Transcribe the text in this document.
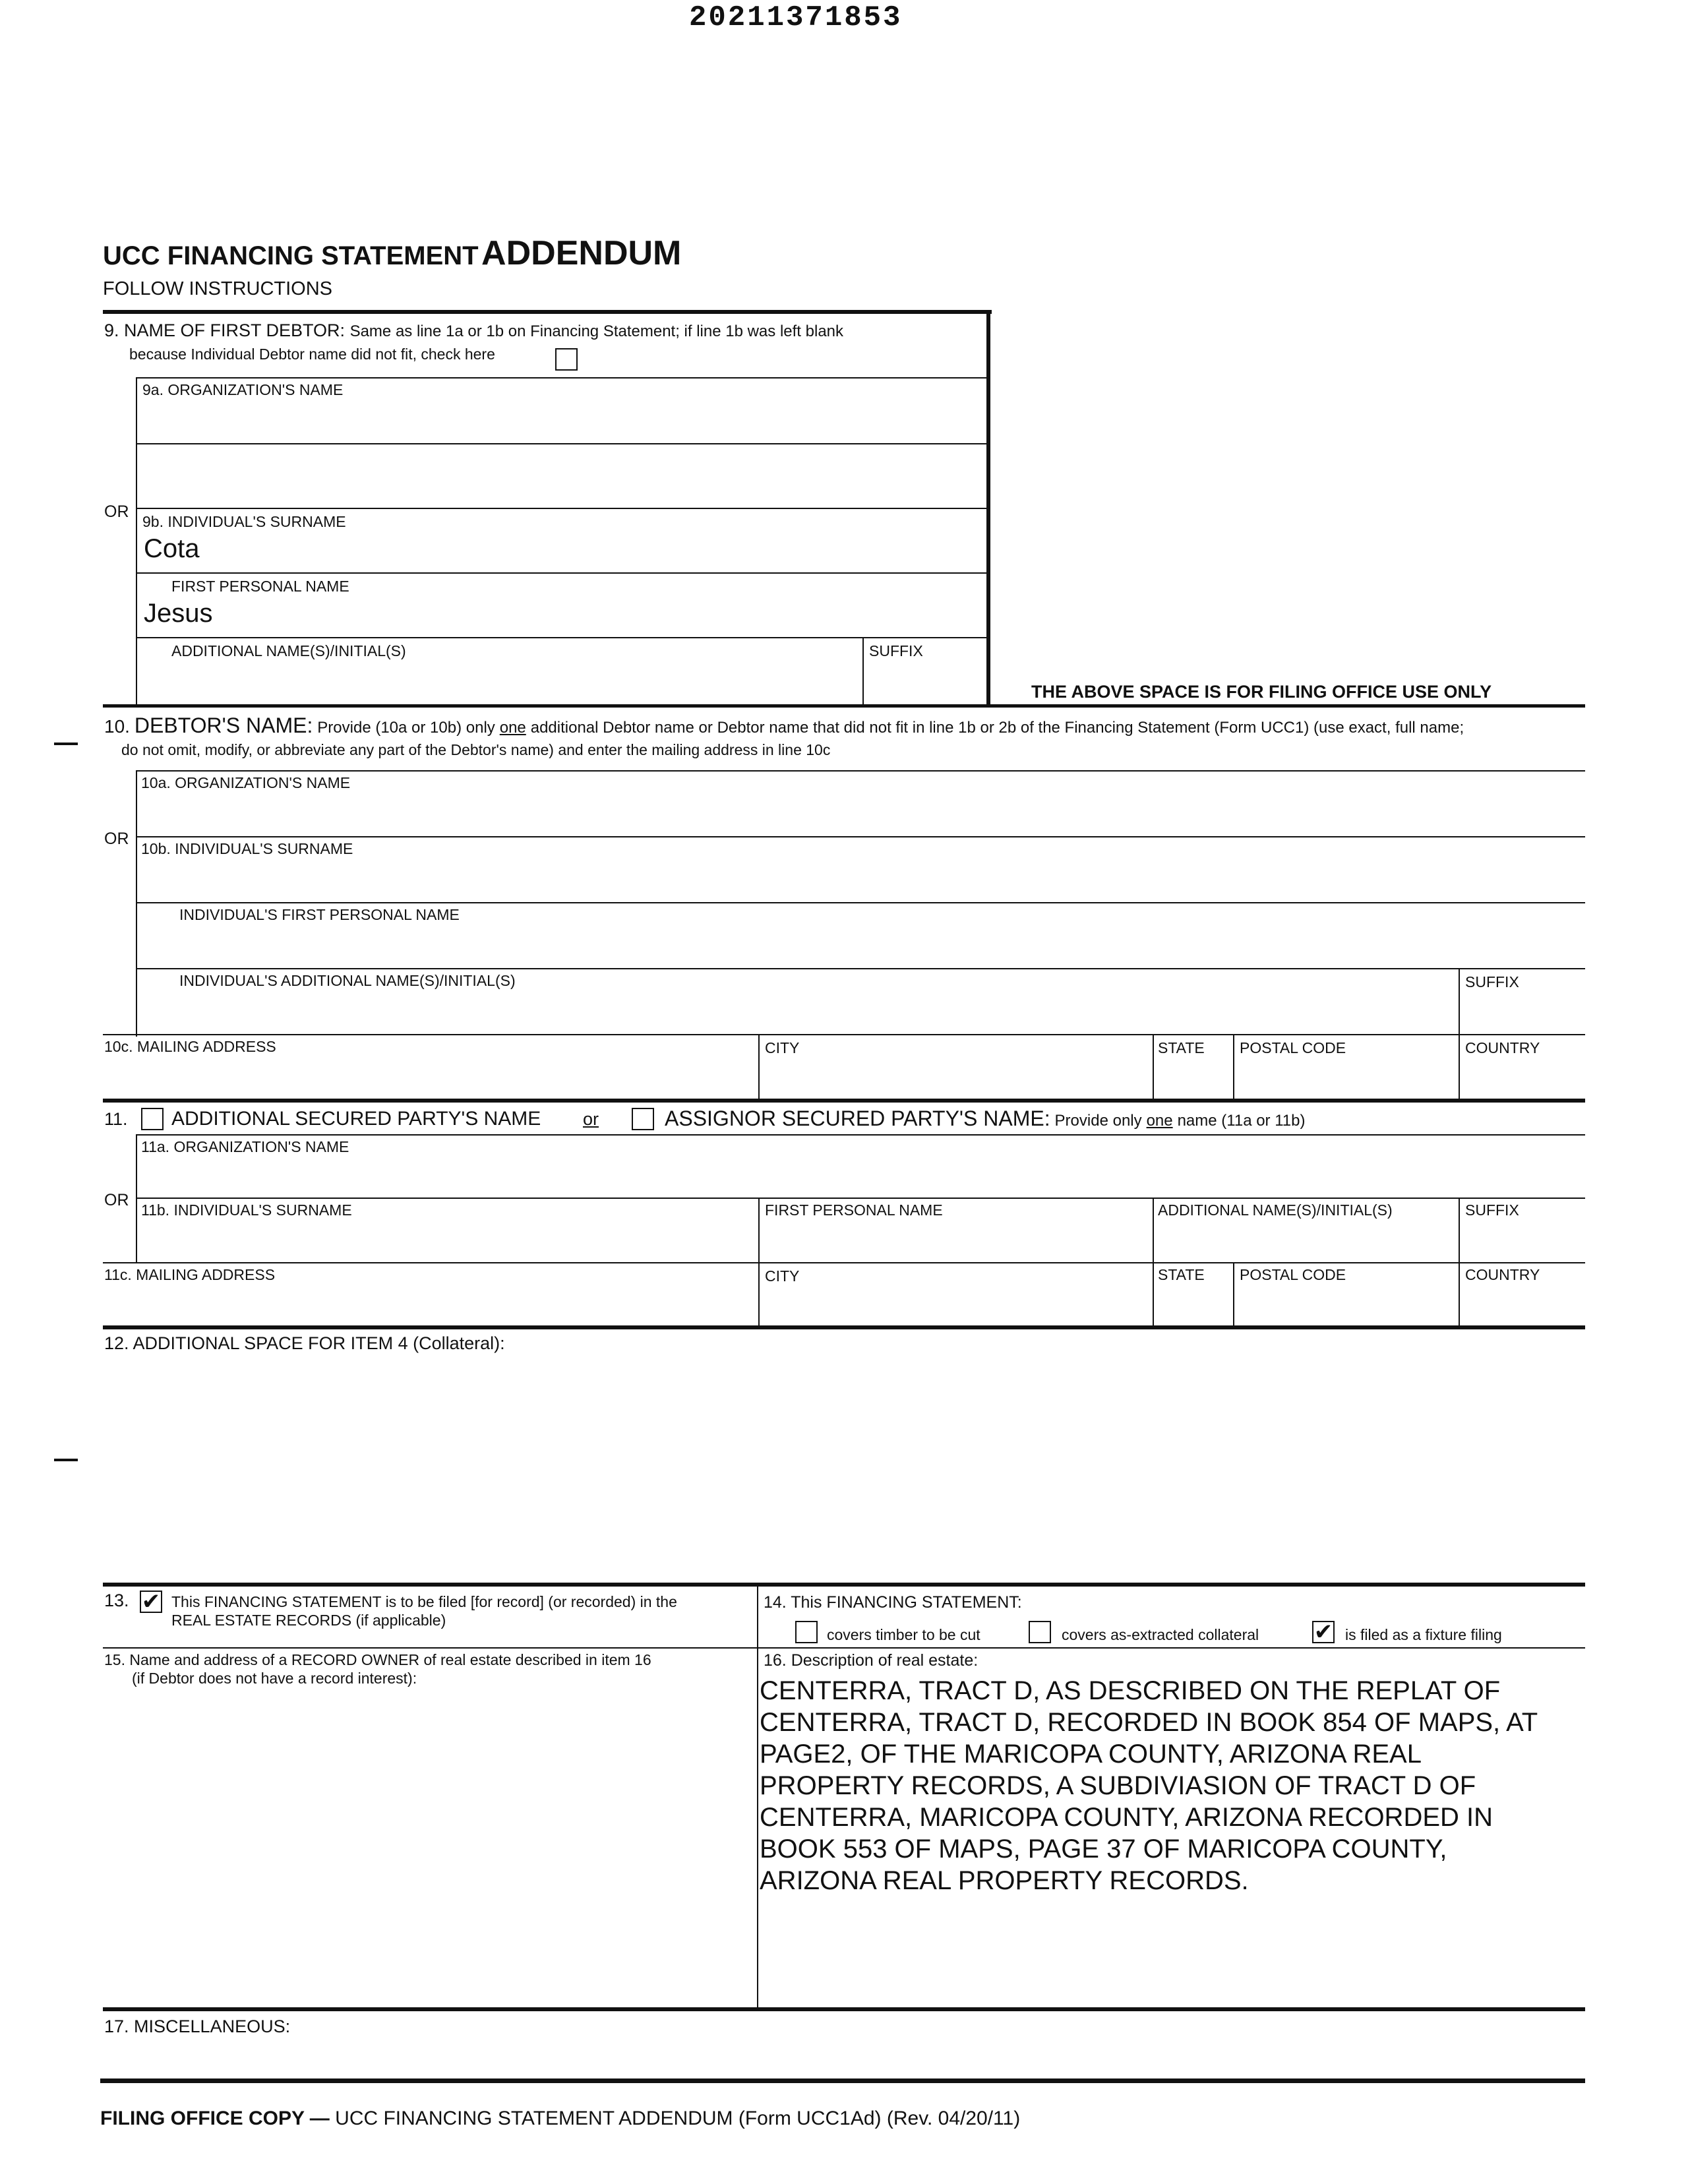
20211371853
UCC FINANCING STATEMENT ADDENDUM
FOLLOW INSTRUCTIONS
9. NAME OF FIRST DEBTOR: Same as line 1a or 1b on Financing Statement; if line 1b was left blank
because Individual Debtor name did not fit, check here
9a. ORGANIZATION'S NAME
OR
9b. INDIVIDUAL'S SURNAME
Cota
FIRST PERSONAL NAME
Jesus
ADDITIONAL NAME(S)/INITIAL(S)	SUFFIX
THE ABOVE SPACE IS FOR FILING OFFICE USE ONLY
10. DEBTOR'S NAME: Provide (10a or 10b) only one additional Debtor name or Debtor name that did not fit in line 1b or 2b of the Financing Statement (Form UCC1) (use exact, full name;
do not omit, modify, or abbreviate any part of the Debtor's name) and enter the mailing address in line 10c
10a. ORGANIZATION'S NAME
OR
10b. INDIVIDUAL'S SURNAME
INDIVIDUAL'S FIRST PERSONAL NAME
INDIVIDUAL'S ADDITIONAL NAME(S)/INITIAL(S)	SUFFIX
10c. MAILING ADDRESS	CITY	STATE POSTAL CODE	COUNTRY
11. ADDITIONAL SECURED PARTY'S NAME or	ASSIGNOR SECURED PARTY'S NAME: Provide only one name (11a or 11b)
11a. ORGANIZATION'S NAME
OR
11b. INDIVIDUAL'S SURNAME	FIRST PERSONAL NAME	ADDITIONAL NAME(S)/INITIAL(S)	SUFFIX
11c. MAILING ADDRESS	CITY	STATE POSTAL CODE	COUNTRY
12. ADDITIONAL SPACE FOR ITEM 4 (Collateral):
13. ✔ This FINANCING STATEMENT is to be filed [for record] (or recorded) in the
REAL ESTATE RECORDS (if applicable)
14. This FINANCING STATEMENT:
covers timber to be cut	covers as-extracted collateral ✔ is filed as a fixture filing
15. Name and address of a RECORD OWNER of real estate described in item 16
(if Debtor does not have a record interest):
16. Description of real estate:
CENTERRA, TRACT D, AS DESCRIBED ON THE REPLAT OF
CENTERRA, TRACT D, RECORDED IN BOOK 854 OF MAPS, AT
PAGE2, OF THE MARICOPA COUNTY, ARIZONA REAL
PROPERTY RECORDS, A SUBDIVIASION OF TRACT D OF
CENTERRA, MARICOPA COUNTY, ARIZONA RECORDED IN
BOOK 553 OF MAPS, PAGE 37 OF MARICOPA COUNTY,
ARIZONA REAL PROPERTY RECORDS.
17. MISCELLANEOUS:
FILING OFFICE COPY — UCC FINANCING STATEMENT ADDENDUM (Form UCC1Ad) (Rev. 04/20/11)
